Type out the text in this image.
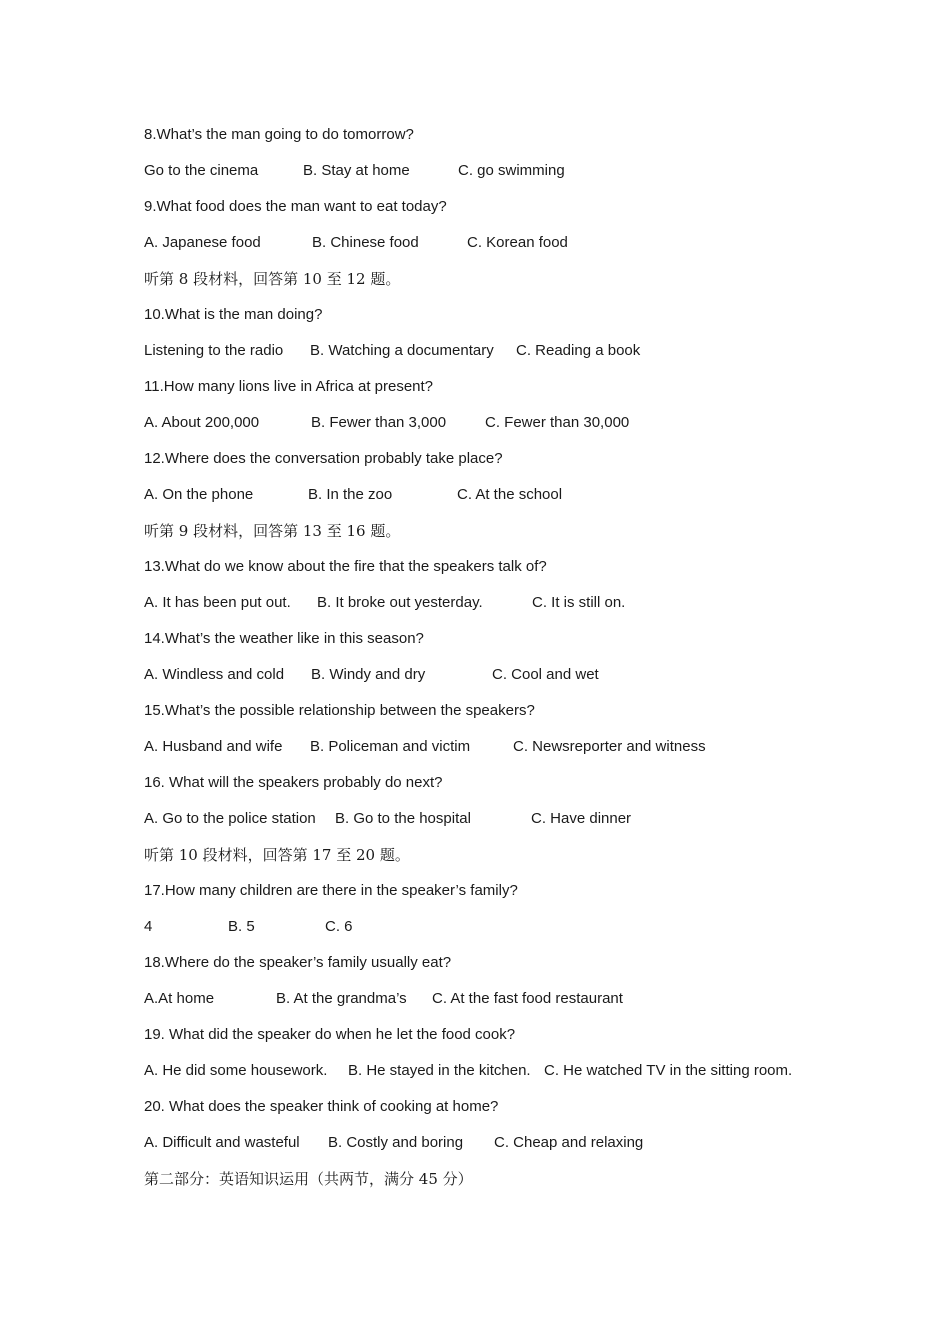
8.What’s the man going to do tomorrow?
Go to the cinema	B. Stay at home	C. go swimming
9.What food does the man want to eat today?
A. Japanese food	B. Chinese food	C. Korean food
听第 8 段材料，回答第 10 至 12 题。
10.What is the man doing?
Listening to the radio B. Watching a documentary C. Reading a book
11.How many lions live in Africa at present?
A. About 200,000	B. Fewer than 3,000	C. Fewer than 30,000
12.Where does the conversation probably take place?
A. On the phone	B. In the zoo	C. At the school
听第 9 段材料，回答第 13 至 16 题。
13.What do we know about the fire that the speakers talk of?
A. It has been put out. B. It broke out yesterday.	C. It is still on.
14.What’s the weather like in this season?
A. Windless and cold B. Windy and dry	C. Cool and wet
15.What’s the possible relationship between the speakers?
A. Husband and wife B. Policeman and victim	C. Newsreporter and witness
16. What will the speakers probably do next?
A. Go to the police station B. Go to the hospital	C. Have dinner
听第 10 段材料，回答第 17 至 20 题。
17.How many children are there in the speaker’s family?
4	B. 5	C. 6
18.Where do the speaker’s family usually eat?
A.At home	B. At the grandma’s C. At the fast food restaurant
19. What did the speaker do when he let the food cook?
A. He did some housework. B. He stayed in the kitchen. C. He watched TV in the sitting room.
20. What does the speaker think of cooking at home?
A. Difficult and wasteful B. Costly and boring C. Cheap and relaxing
第二部分：英语知识运用（共两节，满分 45 分）
